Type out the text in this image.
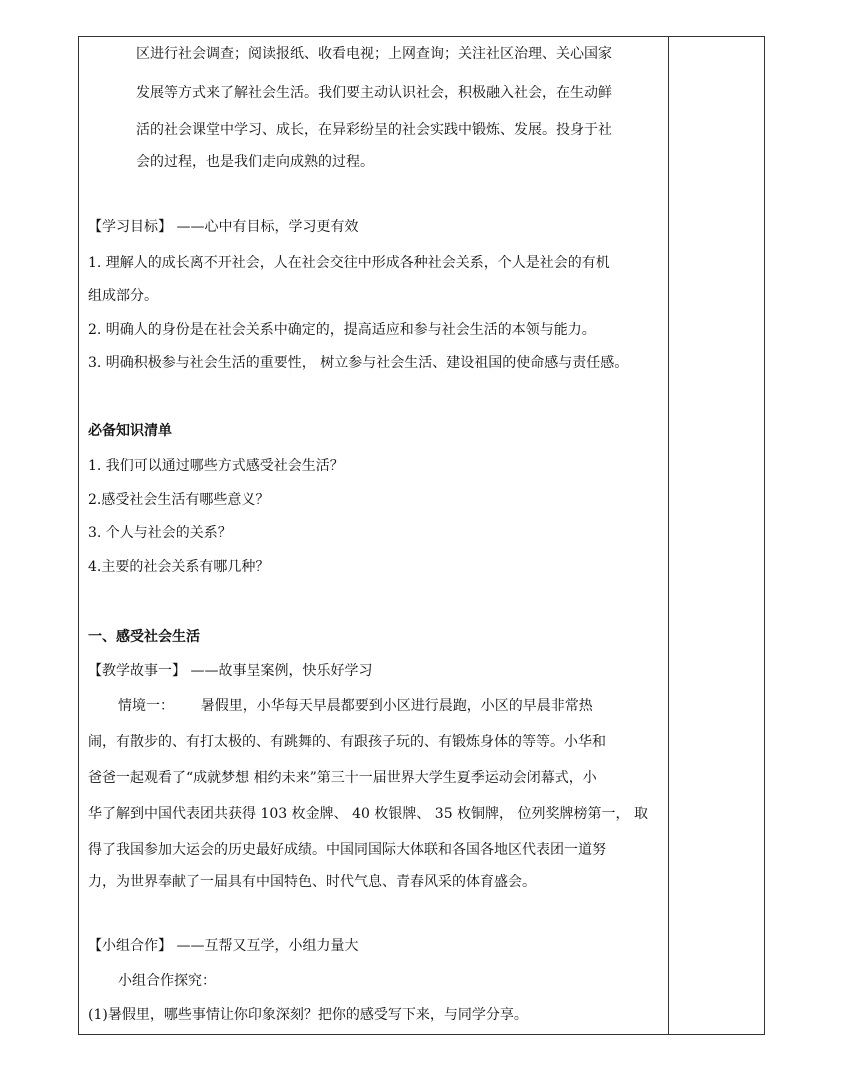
区进行社会调查；阅读报纸、收看电视；上网查询；关注社区治理、关心国家
发展等方式来了解社会生活。我们要主动认识社会，积极融入社会，在生动鲜
活的社会课堂中学习、成长，在异彩纷呈的社会实践中锻炼、发展。投身于社
会的过程，也是我们走向成熟的过程。
【学习目标】 ——心中有目标，学习更有效
1. 理解人的成长离不开社会，人在社会交往中形成各种社会关系，个人是社会的有机
组成部分。
2. 明确人的身份是在社会关系中确定的，提高适应和参与社会生活的本领与能力。
3. 明确积极参与社会生活的重要性， 树立参与社会生活、建设祖国的使命感与责任感。
必备知识清单
1. 我们可以通过哪些方式感受社会生活？
2.感受社会生活有哪些意义？
3. 个人与社会的关系？
4.主要的社会关系有哪几种？
一、感受社会生活
【教学故事一】 ——故事呈案例，快乐好学习
情境一：      暑假里，小华每天早晨都要到小区进行晨跑，小区的早晨非常热
闹，有散步的、有打太极的、有跳舞的、有跟孩子玩的、有锻炼身体的等等。小华和
爸爸一起观看了“成就梦想 相约未来”第三十一届世界大学生夏季运动会闭幕式，小
华了解到中国代表团共获得 103 枚金牌、 40 枚银牌、 35 枚铜牌， 位列奖牌榜第一， 取
得了我国参加大运会的历史最好成绩。中国同国际大体联和各国各地区代表团一道努
力，为世界奉献了一届具有中国特色、时代气息、青春风采的体育盛会。
【小组合作】 ——互帮又互学，小组力量大
小组合作探究：
(1)暑假里，哪些事情让你印象深刻？把你的感受写下来，与同学分享。
